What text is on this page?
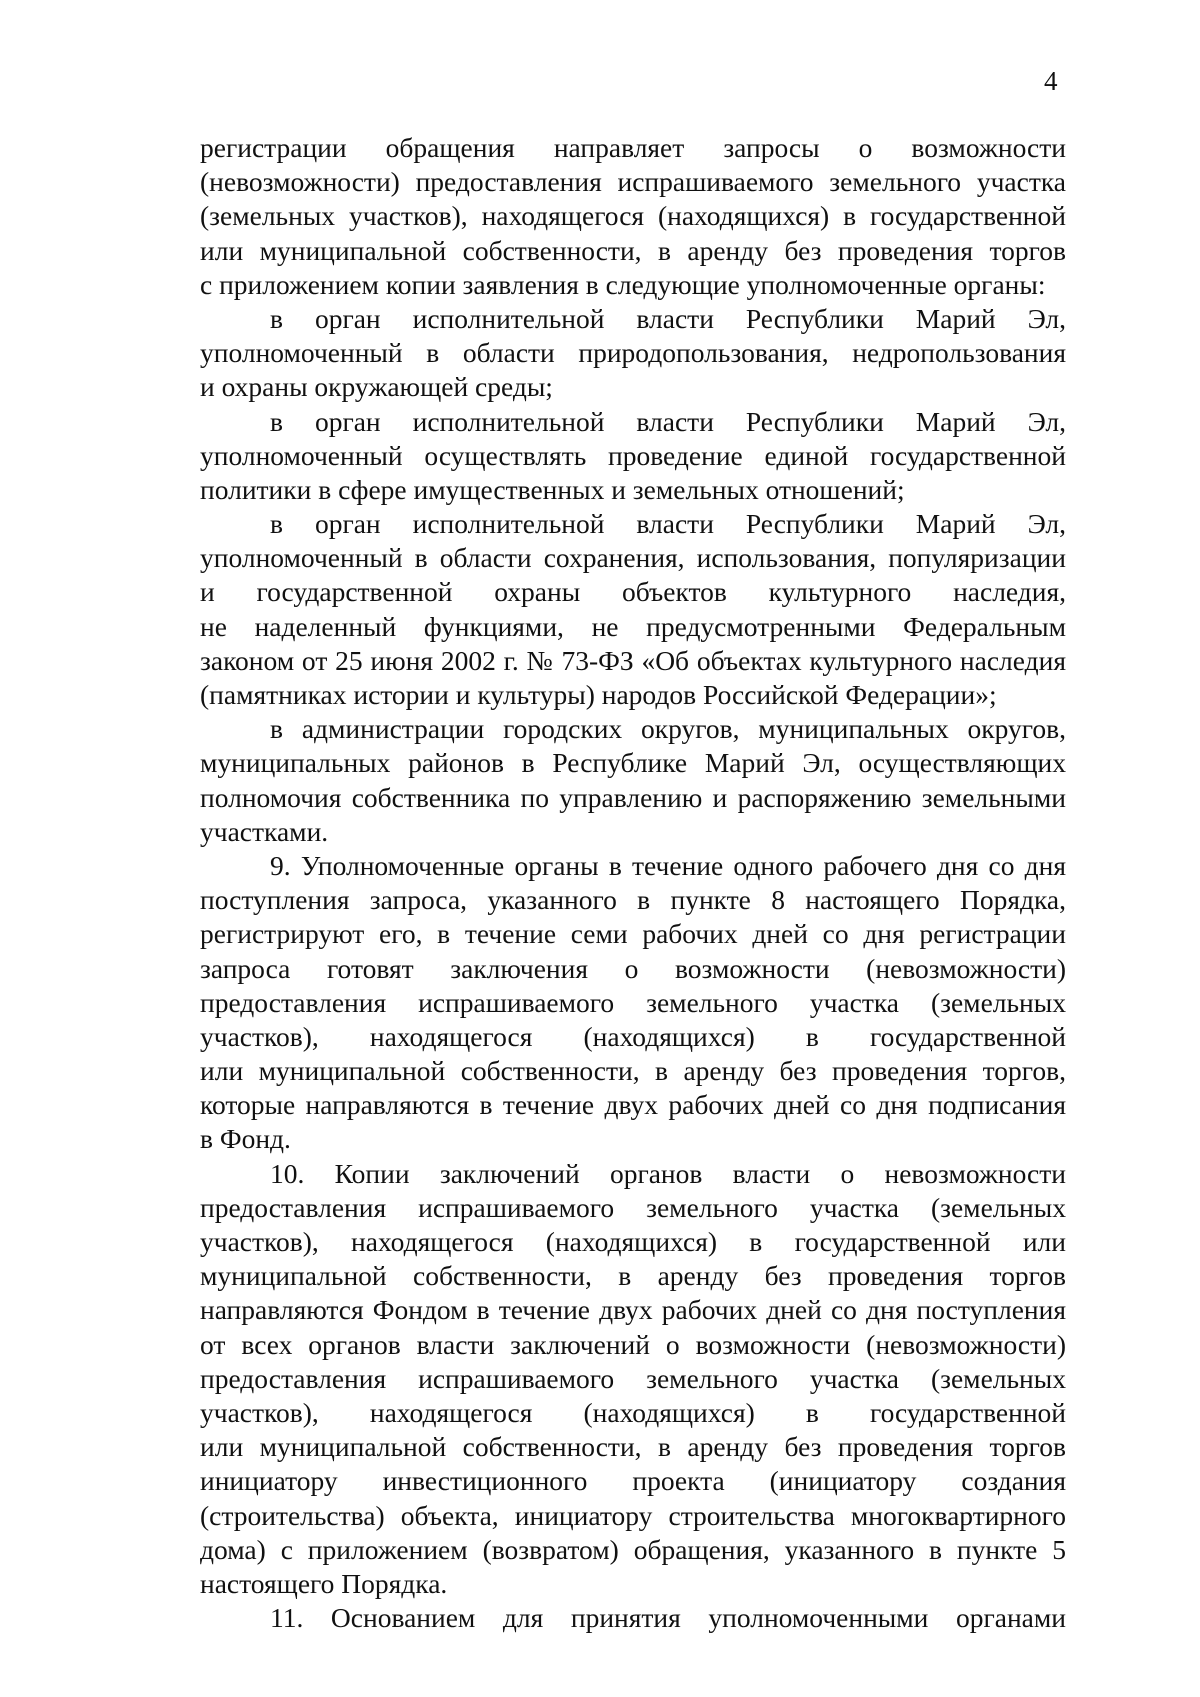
4
регистрации обращения направляет запросы о возможности
(невозможности) предоставления испрашиваемого земельного участка
(земельных участков), находящегося (находящихся) в государственной
или муниципальной собственности, в аренду без проведения торгов
с приложением копии заявления в следующие уполномоченные органы:
в орган исполнительной власти Республики Марий Эл,
уполномоченный в области природопользования, недропользования
и охраны окружающей среды;
в орган исполнительной власти Республики Марий Эл,
уполномоченный осуществлять проведение единой государственной
политики в сфере имущественных и земельных отношений;
в орган исполнительной власти Республики Марий Эл,
уполномоченный в области сохранения, использования, популяризации
и государственной охраны объектов культурного наследия,
не наделенный функциями, не предусмотренными Федеральным
законом от 25 июня 2002 г. № 73-ФЗ «Об объектах культурного наследия
(памятниках истории и культуры) народов Российской Федерации»;
в администрации городских округов, муниципальных округов,
муниципальных районов в Республике Марий Эл, осуществляющих
полномочия собственника по управлению и распоряжению земельными
участками.
9. Уполномоченные органы в течение одного рабочего дня со дня
поступления запроса, указанного в пункте 8 настоящего Порядка,
регистрируют его, в течение семи рабочих дней со дня регистрации
запроса готовят заключения о возможности (невозможности)
предоставления испрашиваемого земельного участка (земельных
участков), находящегося (находящихся) в государственной
или муниципальной собственности, в аренду без проведения торгов,
которые направляются в течение двух рабочих дней со дня подписания
в Фонд.
10. Копии заключений органов власти о невозможности
предоставления испрашиваемого земельного участка (земельных
участков), находящегося (находящихся) в государственной или
муниципальной собственности, в аренду без проведения торгов
направляются Фондом в течение двух рабочих дней со дня поступления
от всех органов власти заключений о возможности (невозможности)
предоставления испрашиваемого земельного участка (земельных
участков), находящегося (находящихся) в государственной
или муниципальной собственности, в аренду без проведения торгов
инициатору инвестиционного проекта (инициатору создания
(строительства) объекта, инициатору строительства многоквартирного
дома) с приложением (возвратом) обращения, указанного в пункте 5
настоящего Порядка.
11. Основанием для принятия уполномоченными органами
